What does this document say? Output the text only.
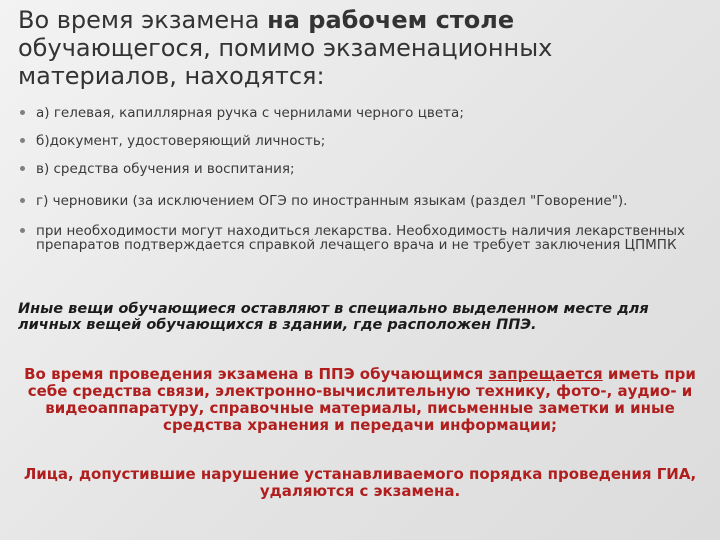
Во время экзамена на рабочем столе обучающегося, помимо экзаменационных материалов, находятся:
а) гелевая, капиллярная ручка с чернилами черного цвета;
б)документ, удостоверяющий личность;
в) средства обучения и воспитания;
г) черновики (за исключением ОГЭ по иностранным языкам (раздел "Говорение").
при необходимости могут находиться лекарства. Необходимость наличия лекарственных препаратов подтверждается справкой лечащего врача и не требует заключения ЦПМПК
Иные вещи обучающиеся оставляют в специально выделенном месте для личных вещей обучающихся в здании, где расположен ППЭ.
Во время проведения экзамена в ППЭ обучающимся запрещается иметь при себе средства связи, электронно-вычислительную технику, фото-, аудио- и видеоаппаратуру, справочные материалы, письменные заметки и иные средства хранения и передачи информации;
Лица, допустившие нарушение устанавливаемого порядка проведения ГИА, удаляются с экзамена.
